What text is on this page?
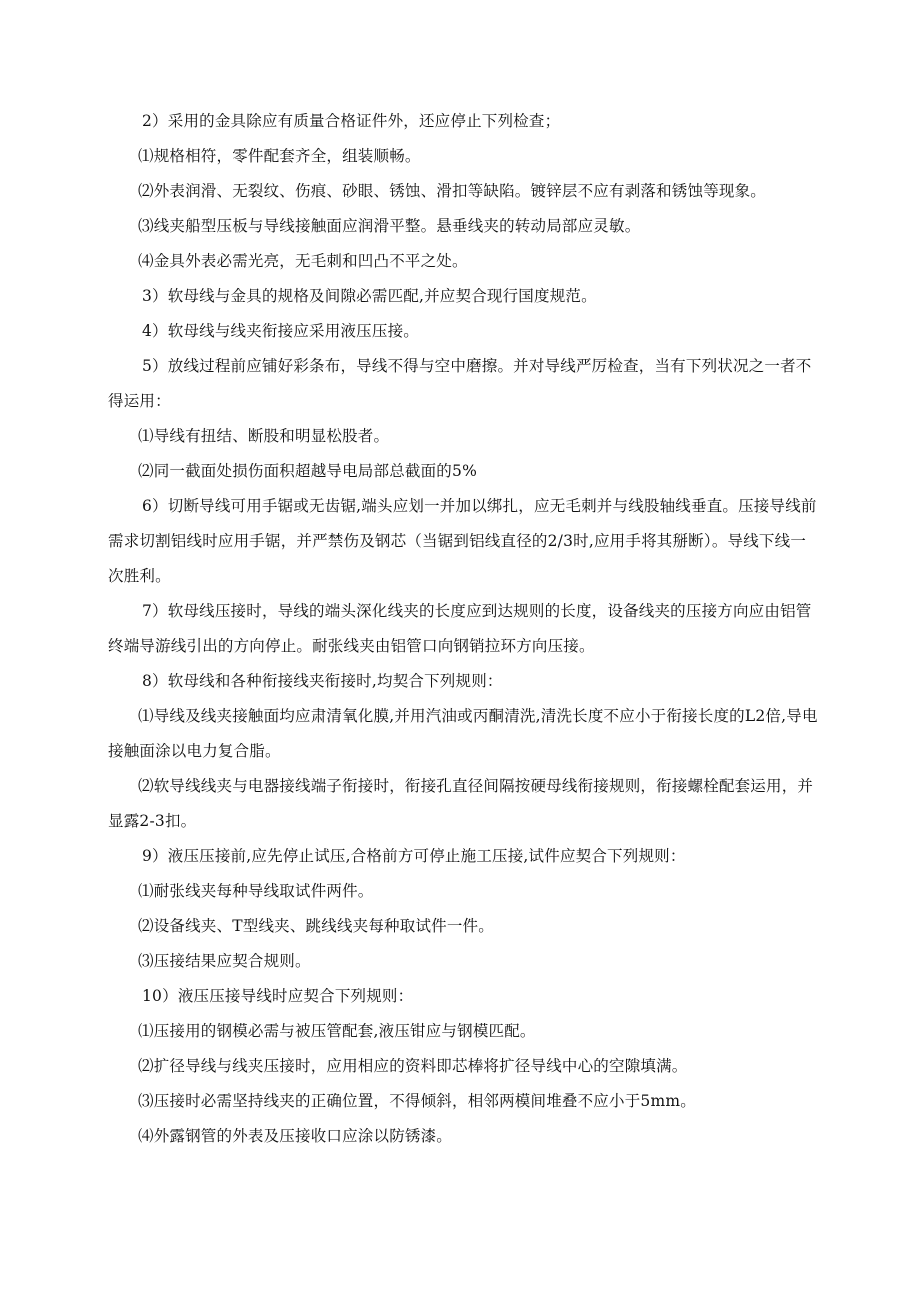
2）采用的金具除应有质量合格证件外，还应停止下列检查；

⑴规格相符，零件配套齐全，组装顺畅。

⑵外表润滑、无裂纹、伤痕、砂眼、锈蚀、滑扣等缺陷。镀锌层不应有剥落和锈蚀等现象。

⑶线夹船型压板与导线接触面应润滑平整。悬垂线夹的转动局部应灵敏。

⑷金具外表必需光亮，无毛刺和凹凸不平之处。

3）软母线与金具的规格及间隙必需匹配,并应契合现行国度规范。

4）软母线与线夹衔接应采用液压压接。

5）放线过程前应铺好彩条布，导线不得与空中磨擦。并对导线严厉检查，当有下列状况之一者不得运用：

⑴导线有扭结、断股和明显松股者。

⑵同一截面处损伤面积超越导电局部总截面的5%

6）切断导线可用手锯或无齿锯,端头应划一并加以绑扎，应无毛刺并与线股轴线垂直。压接导线前需求切割铝线时应用手锯，并严禁伤及钢芯（当锯到铝线直径的2/3时,应用手将其掰断）。导线下线一次胜利。

7）软母线压接时，导线的端头深化线夹的长度应到达规则的长度，设备线夹的压接方向应由铝管终端导游线引出的方向停止。耐张线夹由铝管口向钢销拉环方向压接。

8）软母线和各种衔接线夹衔接时,均契合下列规则：

⑴导线及线夹接触面均应肃清氧化膜,并用汽油或丙酮清洗,清洗长度不应小于衔接长度的L2倍,导电接触面涂以电力复合脂。

⑵软导线线夹与电器接线端子衔接时，衔接孔直径间隔按硬母线衔接规则，衔接螺栓配套运用，并显露2-3扣。

9）液压压接前,应先停止试压,合格前方可停止施工压接,试件应契合下列规则：

⑴耐张线夹每种导线取试件两件。

⑵设备线夹、T型线夹、跳线线夹每种取试件一件。

⑶压接结果应契合规则。

10）液压压接导线时应契合下列规则：

⑴压接用的钢模必需与被压管配套,液压钳应与钢模匹配。

⑵扩径导线与线夹压接时，应用相应的资料即芯棒将扩径导线中心的空隙填满。

⑶压接时必需坚持线夹的正确位置，不得倾斜，相邻两模间堆叠不应小于5mm。

⑷外露钢管的外表及压接收口应涂以防锈漆。
